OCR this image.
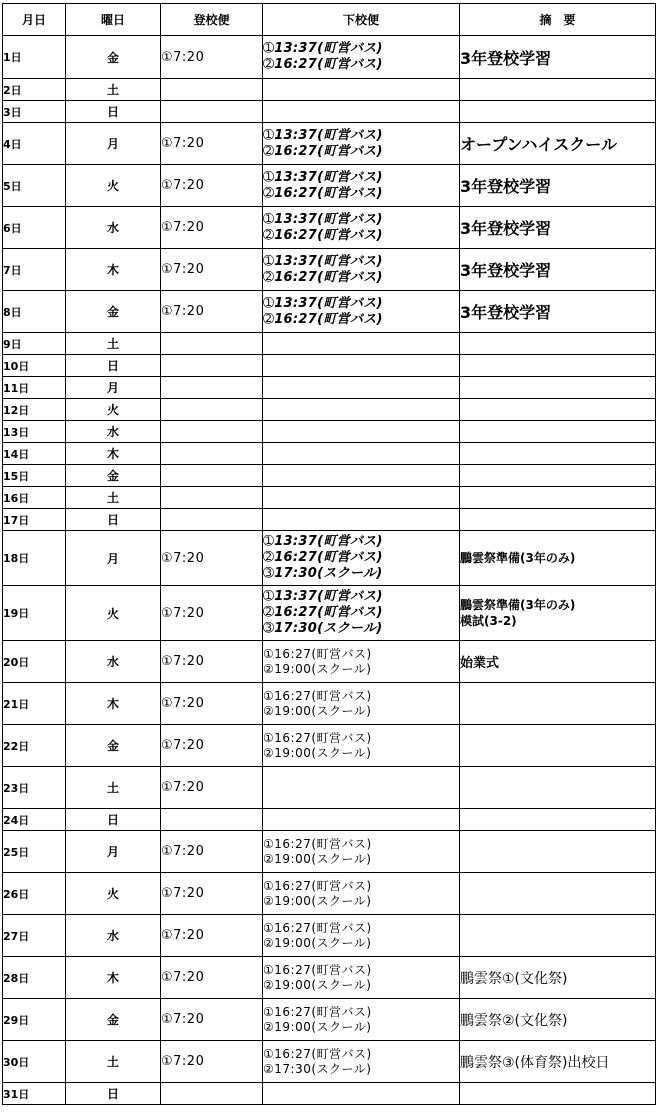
月日	曜日	登校便	下校便	摘　要
1日	金	①7:20	➀13:37(町営バス)
➁16:27(町営バス)	3年登校学習

2日	土			
3日	日			
4日	月	①7:20	➀13:37(町営バス)
➁16:27(町営バス)	オープンハイスクール

5日	火	①7:20	➀13:37(町営バス)
➁16:27(町営バス)	3年登校学習

6日	水	①7:20	➀13:37(町営バス)
➁16:27(町営バス)	3年登校学習

7日	木	①7:20	➀13:37(町営バス)
➁16:27(町営バス)	3年登校学習

8日	金	①7:20	➀13:37(町営バス)
➁16:27(町営バス)	3年登校学習

9日	土			
10日	日			
11日	月			
12日	火			
13日	水			
14日	木			
15日	金			
16日	土			
17日	日			
18日	月	①7:20	➀13:37(町営バス)
➁16:27(町営バス)
➂17:30(スクール)	鵬雲祭準備(3年のみ)

19日	火	①7:20	➀13:37(町営バス)
➁16:27(町営バス)
➂17:30(スクール)	鵬雲祭準備(3年のみ)
模試(3-2)

20日	水	①7:20	①16:27(町営バス)
②19:00(スクール)	始業式

21日	木	①7:20	①16:27(町営バス)
②19:00(スクール)	

22日	金	①7:20	①16:27(町営バス)
②19:00(スクール)	

23日	土	①7:20		
24日	日			
25日	月	①7:20	①16:27(町営バス)
②19:00(スクール)	

26日	火	①7:20	①16:27(町営バス)
②19:00(スクール)	

27日	水	①7:20	①16:27(町営バス)
②19:00(スクール)	

28日	木	①7:20	①16:27(町営バス)
②19:00(スクール)	鵬雲祭①(文化祭)

29日	金	①7:20	①16:27(町営バス)
②19:00(スクール)	鵬雲祭②(文化祭)

30日	土	①7:20	①16:27(町営バス)
②17:30(スクール)	鵬雲祭③(体育祭)出校日

31日	日			
